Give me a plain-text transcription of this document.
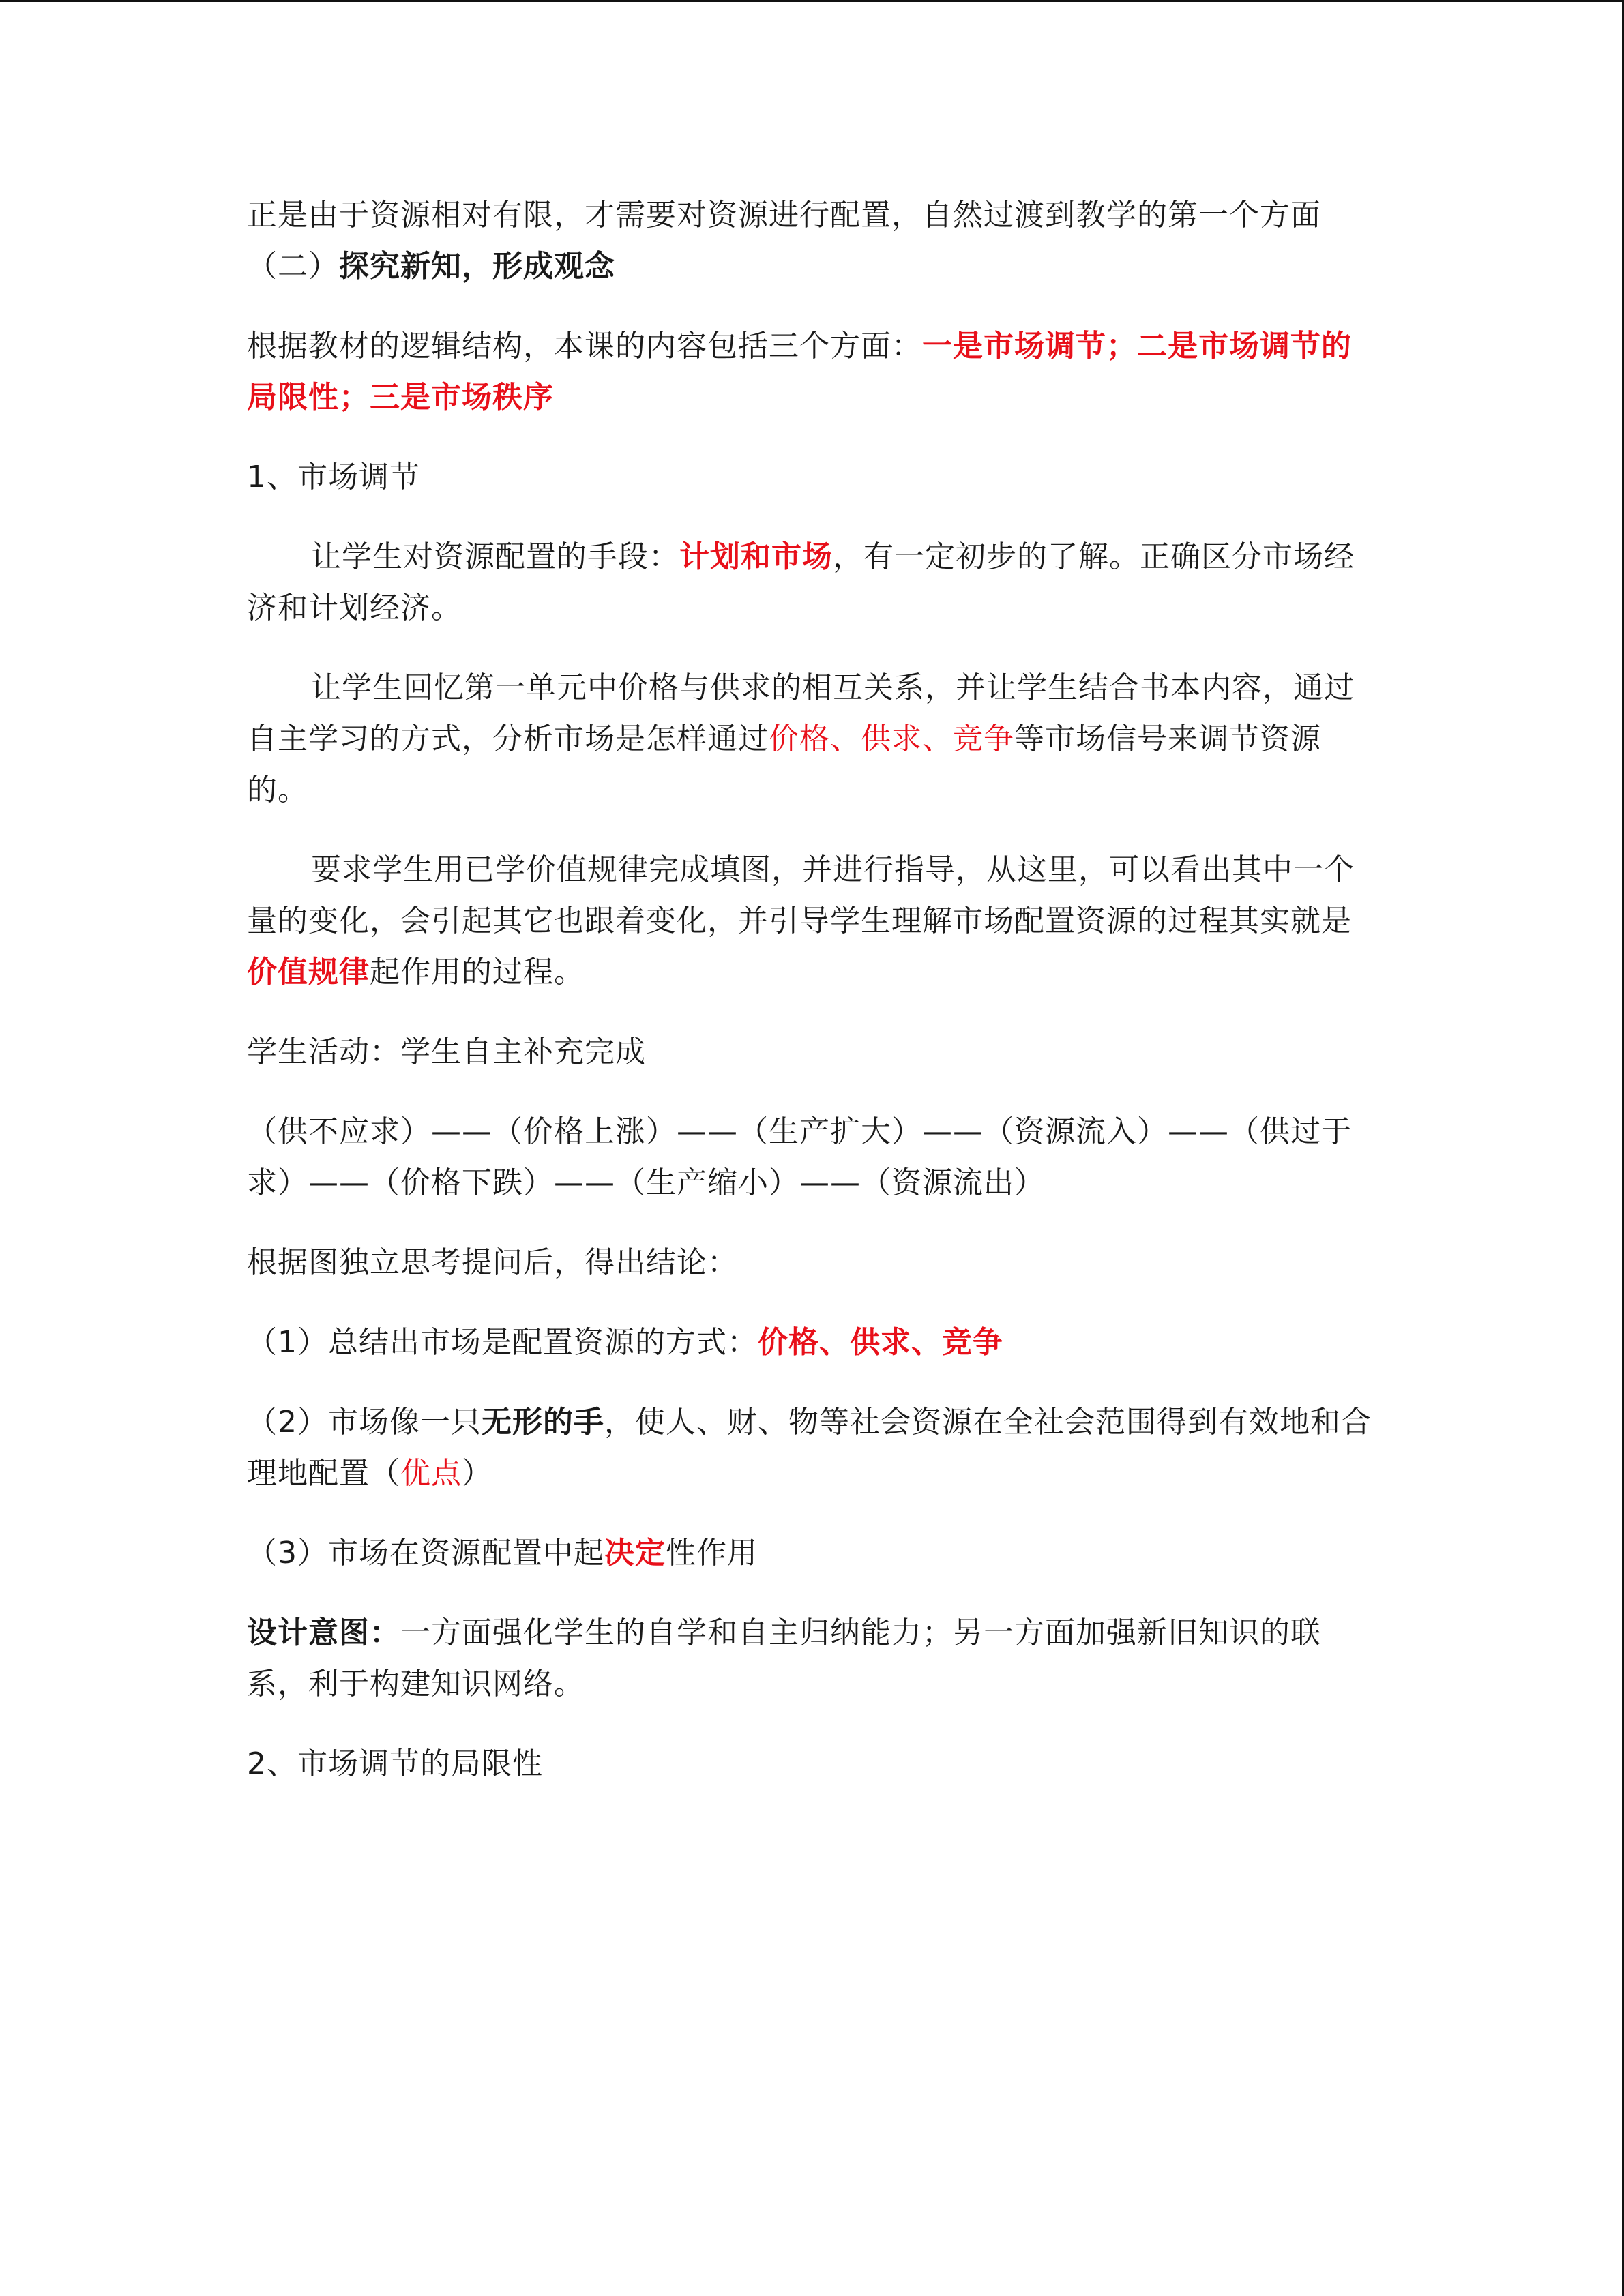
正是由于资源相对有限，才需要对资源进行配置，自然过渡到教学的第一个方面（二）探究新知，形成观念

根据教材的逻辑结构，本课的内容包括三个方面：一是市场调节；二是市场调节的局限性；三是市场秩序

1、市场调节

让学生对资源配置的手段：计划和市场，有一定初步的了解。正确区分市场经济和计划经济。

让学生回忆第一单元中价格与供求的相互关系，并让学生结合书本内容，通过自主学习的方式，分析市场是怎样通过价格、供求、竞争等市场信号来调节资源的。

要求学生用已学价值规律完成填图，并进行指导，从这里，可以看出其中一个量的变化，会引起其它也跟着变化，并引导学生理解市场配置资源的过程其实就是价值规律起作用的过程。

学生活动：学生自主补充完成

（供不应求）——（价格上涨）——（生产扩大）——（资源流入）——（供过于求）——（价格下跌）——（生产缩小）——（资源流出）

根据图独立思考提问后，得出结论：

（1）总结出市场是配置资源的方式：价格、供求、竞争

（2）市场像一只无形的手，使人、财、物等社会资源在全社会范围得到有效地和合理地配置（优点）

（3）市场在资源配置中起决定性作用

设计意图：一方面强化学生的自学和自主归纳能力；另一方面加强新旧知识的联系，利于构建知识网络。

2、市场调节的局限性
